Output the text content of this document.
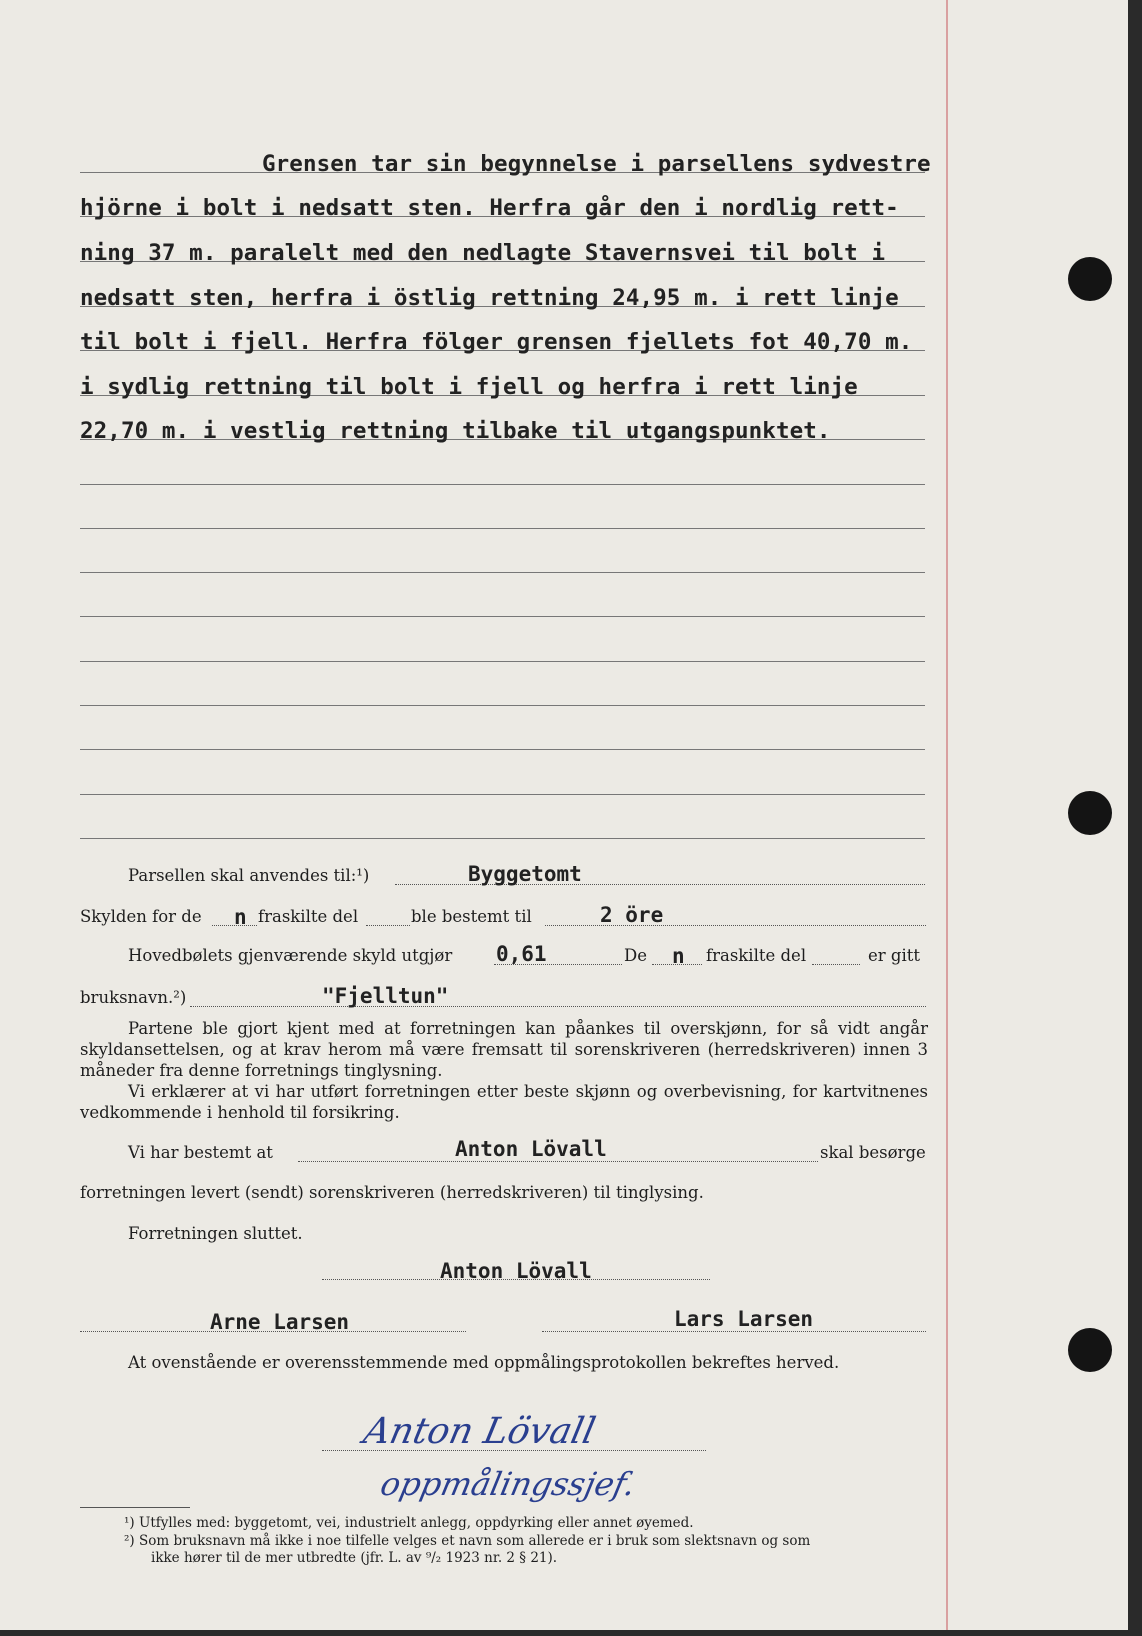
Grensen tar sin begynnelse i parsellens sydvestre
hjörne i bolt i nedsatt sten. Herfra går den i nordlig rett-
ning 37 m. paralelt med den nedlagte Stavernsvei til bolt i
nedsatt sten, herfra i östlig rettning 24,95 m. i rett linje
til bolt i fjell. Herfra fölger grensen fjellets fot 40,70 m.
i sydlig rettning til bolt i fjell og herfra i rett linje
22,70 m. i vestlig rettning tilbake til utgangspunktet.
Parsellen skal anvendes til:¹)	Byggetomt
Skylden for de n fraskilte del	ble bestemt til	2 öre
Hovedbølets gjenværende skyld utgjør 0,61	De n fraskilte del	er gitt
bruksnavn.²)	"Fjelltun"
Partene ble gjort kjent med at forretningen kan påankes til overskjønn, for så vidt angår skyldansettelsen, og at krav herom må være fremsatt til sorenskriveren (herredskriveren) innen 3 måneder fra denne forretnings tinglysning.
Vi erklærer at vi har utført forretningen etter beste skjønn og overbevisning, for kartvitnenes vedkommende i henhold til forsikring.
Vi har bestemt at	Anton Lövall	skal besørge
forretningen levert (sendt) sorenskriveren (herredskriveren) til tinglysing.
Forretningen sluttet.
Anton Lövall
Arne Larsen	Lars Larsen
At ovenstående er overensstemmende med oppmålingsprotokollen bekreftes herved.
Anton Lövall
oppmålingssjef.
¹) Utfylles med: byggetomt, vei, industrielt anlegg, oppdyrking eller annet øyemed.
²) Som bruksnavn må ikke i noe tilfelle velges et navn som allerede er i bruk som slektsnavn og som
ikke hører til de mer utbredte (jfr. L. av ⁹/₂ 1923 nr. 2 § 21).
